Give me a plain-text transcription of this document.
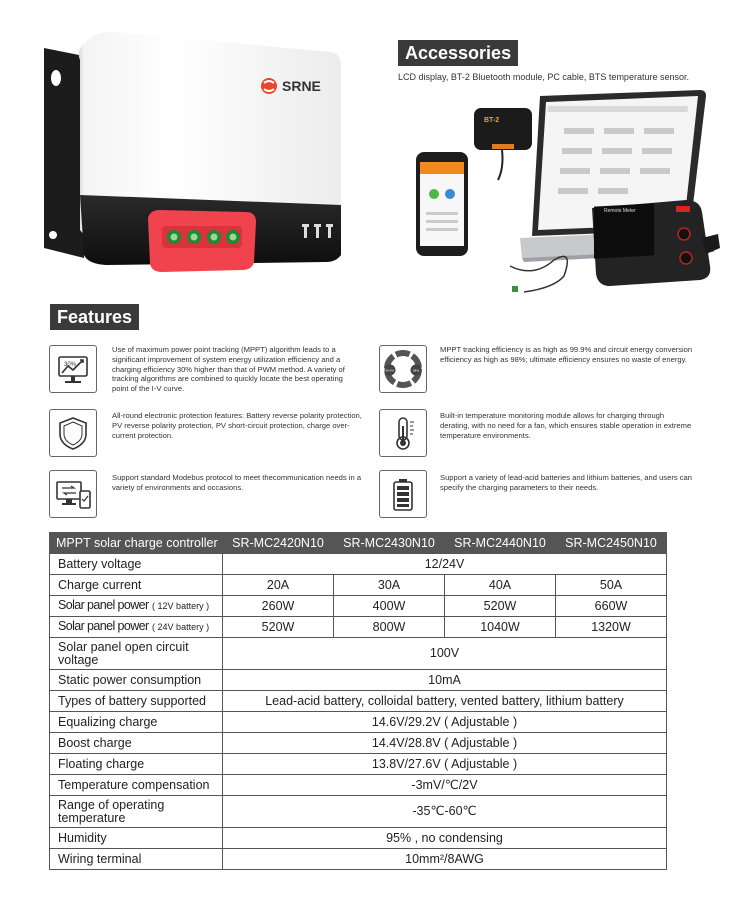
SRNE
Accessories
LCD display, BT-2 Bluetooth module, PC cable, BTS temperature sensor.
BT-2
Remote Meter
Features
30%
Use of maximum power point tracking (MPPT) algorithm leads to a significant improvement of system energy utilization efficiency and a charging efficiency 30% higher than that of PWM method. A variety of tracking algorithms are combined to quickly locate the best operating point of the I-V curve.
99.9%	98%
MPPT tracking efficiency is as high as 99.9% and circuit energy conversion efficiency as high as 98%; ultimate efficiency ensures no waste of energy.
All-round electronic protection features: Battery reverse polarity protection, PV reverse polarity protection, PV short-circuit protection, charge over-current protection.
Built-in temperature monitoring module allows for charging through derating, with no need for a fan, which ensures stable operation in extreme temperature environments.
Support standard Modebus protocol to meet thecommunication needs in a variety of environments and occasions.
Support a variety of lead-acid batteries and lithium batteries, and users can specify the charging parameters to their needs.
MPPT solar charge controller	SR-MC2420N10	SR-MC2430N10	SR-MC2440N10	SR-MC2450N10
Battery voltage	12/24V			
Charge current	20A	30A	40A	50A
Solar panel power ( 12V battery )	260W	400W	520W	660W
Solar panel power ( 24V battery )	520W	800W	1040W	1320W
Solar panel open circuit voltage	100V			
Static power consumption	10mA			
Types of battery supported	Lead-acid battery, colloidal battery, vented battery, lithium battery			
Equalizing charge	14.6V/29.2V ( Adjustable )			
Boost charge	14.4V/28.8V ( Adjustable )			
Floating charge	13.8V/27.6V ( Adjustable )			
Temperature compensation	-3mV/℃/2V			
Range of operating temperature	-35℃-60℃			
Humidity	95% , no condensing			
Wiring terminal	10mm²/8AWG			
